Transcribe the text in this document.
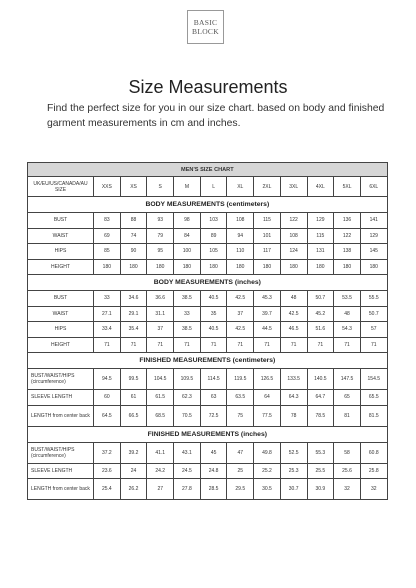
BASIC
BLOCK
Size Measurements
Find the perfect size for you in our size chart. based on body and finished garment measurements in cm and inches.
MEN'S SIZE CHART											
UK/EU/US/CANADA/AU SIZE	XXS	XS	S	M	L	XL	2XL	3XL	4XL	5XL	6XL
BODY MEASUREMENTS (centimeters)											
BUST	83	88	93	98	103	108	115	122	129	136	141
WAIST	69	74	79	84	89	94	101	108	115	122	129
HIPS	85	90	95	100	105	110	117	124	131	138	145
HEIGHT	180	180	180	180	180	180	180	180	180	180	180
BODY MEASUREMENTS (inches)											
BUST	33	34.6	36.6	38.5	40.5	42.5	45.3	48	50.7	53.5	55.5
WAIST	27.1	29.1	31.1	33	35	37	39.7	42.5	45.2	48	50.7
HIPS	33.4	35.4	37	38.5	40.5	42.5	44.5	46.5	51.6	54.3	57
HEIGHT	71	71	71	71	71	71	71	71	71	71	71
FINISHED MEASUREMENTS (centimeters)											
BUST/WAIST/HIPS (circumference)	94.5	99.5	104.5	109.5	114.5	119.5	126.5	133.5	140.5	147.5	154.5
SLEEVE LENGTH	60	61	61.5	62.3	63	63.5	64	64.3	64.7	65	65.5
LENGTH from center back	64.5	66.5	68.5	70.5	72.5	75	77.5	78	78.5	81	81.5
FINISHED MEASUREMENTS (inches)											
BUST/WAIST/HIPS (circumference)	37.2	39.2	41.1	43.1	45	47	49.8	52.5	55.3	58	60.8
SLEEVE LENGTH	23.6	24	24.2	24.5	24.8	25	25.2	25.3	25.5	25.6	25.8
LENGTH from center back	25.4	26.2	27	27.8	28.5	29.5	30.5	30.7	30.9	32	32
